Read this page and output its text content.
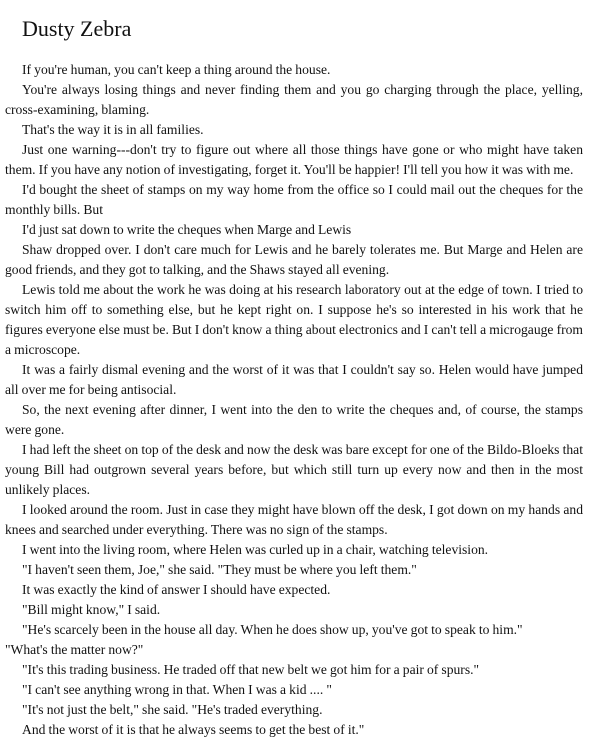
Dusty Zebra

If you're human, you can't keep a thing around the house.

You're always losing things and never finding them and you go charging through the place, yelling, cross-examining, blaming.

That's the way it is in all families.

Just one warning---don't try to figure out where all those things have gone or who might have taken them. If you have any notion of investigating, forget it. You'll be happier! I'll tell you how it was with me.

I'd bought the sheet of stamps on my way home from the office so I could mail out the cheques for the monthly bills. But

I'd just sat down to write the cheques when Marge and Lewis

Shaw dropped over. I don't care much for Lewis and he barely tolerates me. But Marge and Helen are good friends, and they got to talking, and the Shaws stayed all evening.

Lewis told me about the work he was doing at his research laboratory out at the edge of town. I tried to switch him off to something else, but he kept right on. I suppose he's so interested in his work that he figures everyone else must be. But I don't know a thing about electronics and I can't tell a microgauge from a microscope.

It was a fairly dismal evening and the worst of it was that I couldn't say so. Helen would have jumped all over me for being antisocial.

So, the next evening after dinner, I went into the den to write the cheques and, of course, the stamps were gone.

I had left the sheet on top of the desk and now the desk was bare except for one of the Bildo-Bloeks that young Bill had outgrown several years before, but which still turn up every now and then in the most unlikely places.

I looked around the room. Just in case they might have blown off the desk, I got down on my hands and knees and searched under everything. There was no sign of the stamps.

I went into the living room, where Helen was curled up in a chair, watching television.

"I haven't seen them, Joe," she said. "They must be where you left them."

It was exactly the kind of answer I should have expected.

"Bill might know," I said.

"He's scarcely been in the house all day. When he does show up, you've got to speak to him."

"What's the matter now?"

"It's this trading business. He traded off that new belt we got him for a pair of spurs."

"I can't see anything wrong in that. When I was a kid .... "

"It's not just the belt," she said. "He's traded everything.

And the worst of it is that he always seems to get the best of it."
